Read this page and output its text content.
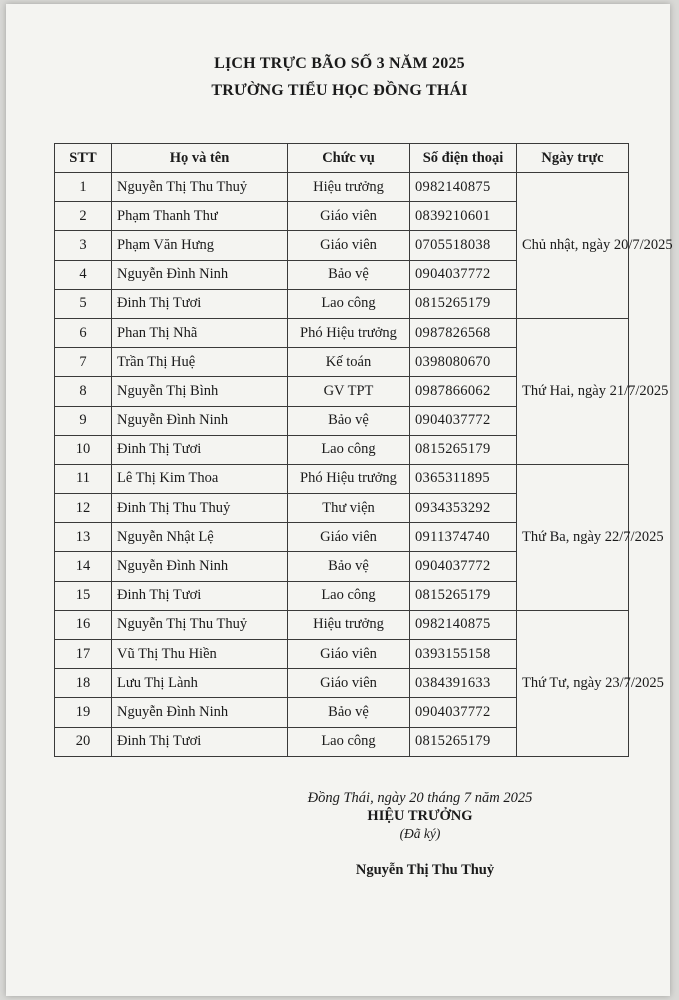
LỊCH TRỰC BÃO SỐ 3 NĂM 2025
TRƯỜNG TIỂU HỌC ĐỒNG THÁI
STT	Họ và tên	Chức vụ	Số điện thoại	Ngày trực
1	Nguyễn Thị Thu Thuỷ	Hiệu trưởng	0982140875	Chủ nhật, ngày 20/7/2025
2	Phạm Thanh Thư	Giáo viên	0839210601	
3	Phạm Văn Hưng	Giáo viên	0705518038	
4	Nguyễn Đình Ninh	Bảo vệ	0904037772	
5	Đinh Thị Tươi	Lao công	0815265179	
6	Phan Thị Nhã	Phó Hiệu trưởng	0987826568	Thứ Hai, ngày 21/7/2025
7	Trần Thị Huệ	Kế toán	0398080670	
8	Nguyễn Thị Bình	GV TPT	0987866062	
9	Nguyễn Đình Ninh	Bảo vệ	0904037772	
10	Đinh Thị Tươi	Lao công	0815265179	
11	Lê Thị Kim Thoa	Phó Hiệu trưởng	0365311895	Thứ Ba, ngày 22/7/2025
12	Đinh Thị Thu Thuỷ	Thư viện	0934353292	
13	Nguyễn Nhật Lệ	Giáo viên	0911374740	
14	Nguyễn Đình Ninh	Bảo vệ	0904037772	
15	Đinh Thị Tươi	Lao công	0815265179	
16	Nguyễn Thị Thu Thuỷ	Hiệu trưởng	0982140875	Thứ Tư, ngày 23/7/2025
17	Vũ Thị Thu Hiền	Giáo viên	0393155158	
18	Lưu Thị Lành	Giáo viên	0384391633	
19	Nguyễn Đình Ninh	Bảo vệ	0904037772	
20	Đinh Thị Tươi	Lao công	0815265179	
Đồng Thái, ngày 20 tháng 7 năm 2025
HIỆU TRƯỞNG
(Đã ký)
Nguyễn Thị Thu Thuỷ
